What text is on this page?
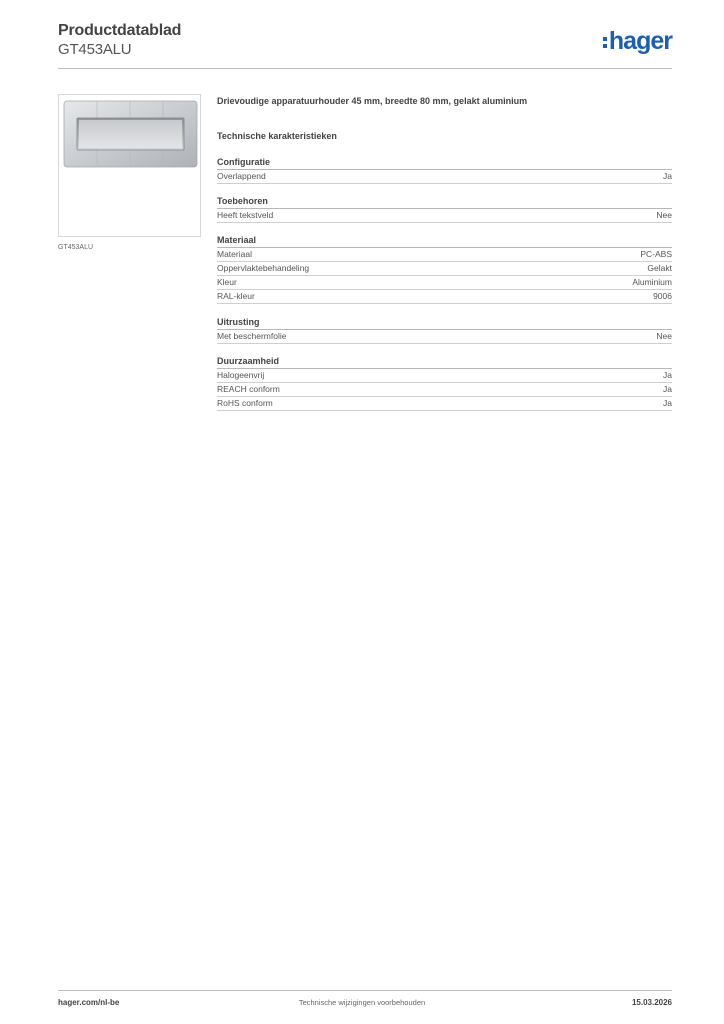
Productdatablad
GT453ALU	hager
GT453ALU
Drievoudige apparatuurhouder 45 mm, breedte 80 mm, gelakt aluminium
Technische karakteristieken
Configuratie
Overlappend	Ja
Toebehoren
Heeft tekstveld	Nee
Materiaal
Materiaal	PC-ABS
Oppervlaktebehandeling	Gelakt
Kleur	Aluminium
RAL-kleur	9006
Uitrusting
Met beschermfolie	Nee
Duurzaamheid
Halogeenvrij	Ja
REACH conform	Ja
RoHS conform	Ja
hager.com/nl-be	Technische wijzigingen voorbehouden	15.03.2026
